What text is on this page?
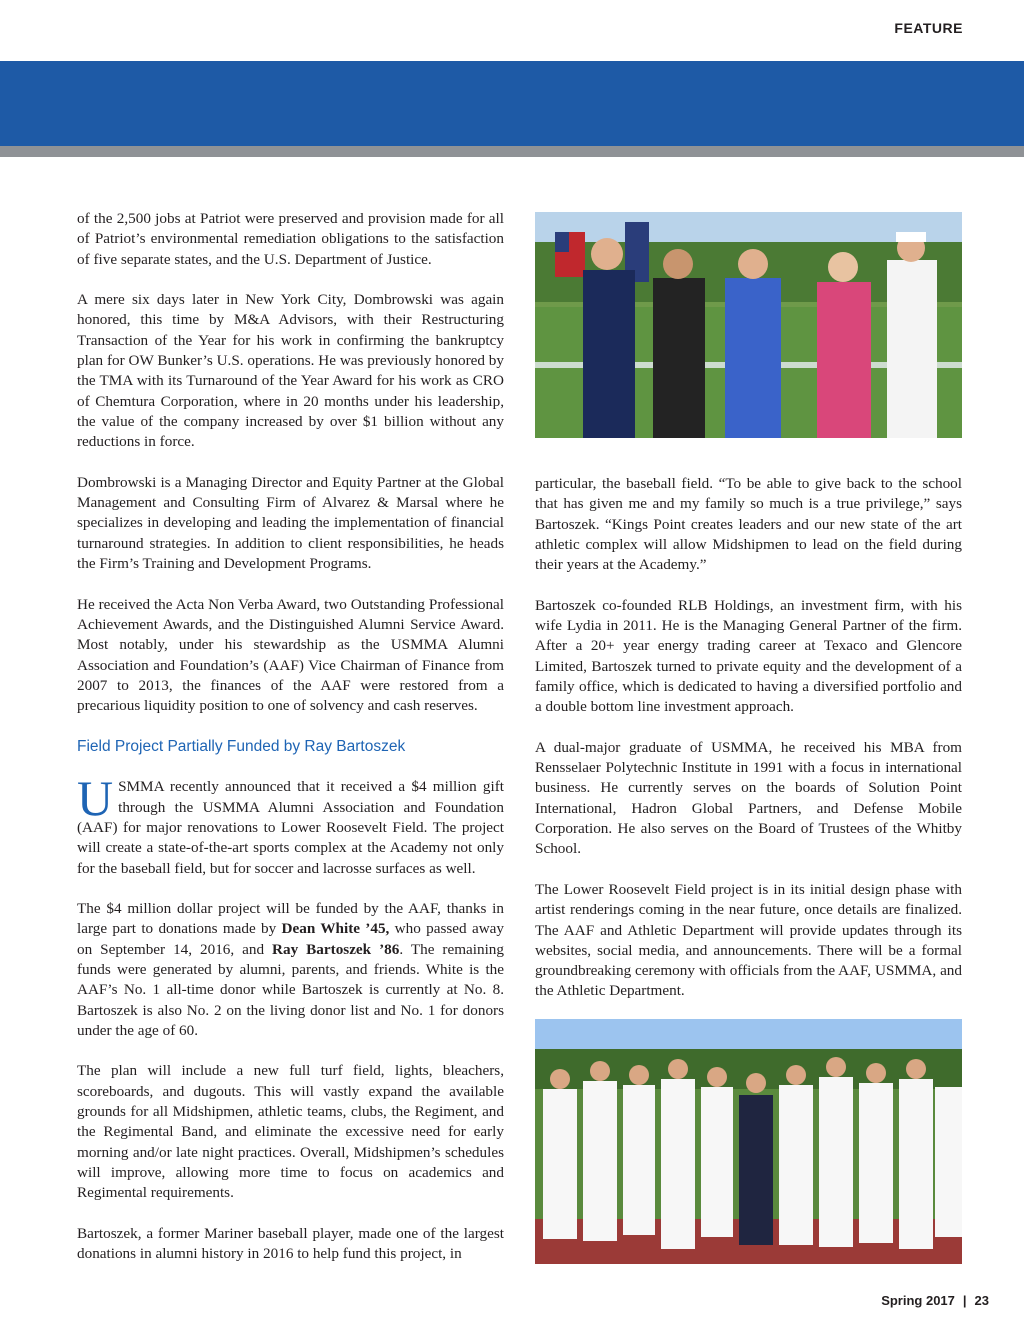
FEATURE

of the 2,500 jobs at Patriot were preserved and provision made for all of Patriot’s environmental remediation obligations to the satisfaction of five separate states, and the U.S. Department of Justice.

A mere six days later in New York City, Dombrowski was again honored, this time by M&A Advisors, with their Restructuring Transaction of the Year for his work in confirming the bankruptcy plan for OW Bunker’s U.S. operations. He was previously honored by the TMA with its Turnaround of the Year Award for his work as CRO of Chemtura Corporation, where in 20 months under his leadership, the value of the company increased by over $1 billion without any reductions in force.

Dombrowski is a Managing Director and Equity Partner at the Global Management and Consulting Firm of Alvarez & Marsal where he specializes in developing and leading the implementation of financial turnaround strategies. In addition to client responsibilities, he heads the Firm’s Training and Development Programs.

He received the Acta Non Verba Award, two Outstanding Professional Achievement Awards, and the Distinguished Alumni Service Award. Most notably, under his stewardship as the USMMA Alumni Association and Foundation’s (AAF) Vice Chairman of Finance from 2007 to 2013, the finances of the AAF were restored from a precarious liquidity position to one of solvency and cash reserves.

Field Project Partially Funded by Ray Bartoszek

USMMA recently announced that it received a $4 million gift through the USMMA Alumni Association and Foundation (AAF) for major renovations to Lower Roosevelt Field. The project will create a state-of-the-art sports complex at the Academy not only for the baseball field, but for soccer and lacrosse surfaces as well.

The $4 million dollar project will be funded by the AAF, thanks in large part to donations made by Dean White ’45, who passed away on September 14, 2016, and Ray Bartoszek ’86. The remaining funds were generated by alumni, parents, and friends. White is the AAF’s No. 1 all-time donor while Bartoszek is currently at No. 8. Bartoszek is also No. 2 on the living donor list and No. 1 for donors under the age of 60.

The plan will include a new full turf field, lights, bleachers, scoreboards, and dugouts. This will vastly expand the available grounds for all Midshipmen, athletic teams, clubs, the Regiment, and the Regimental Band, and eliminate the excessive need for early morning and/or late night practices. Overall, Midshipmen’s schedules will improve, allowing more time to focus on academics and Regimental requirements.

Bartoszek, a former Mariner baseball player, made one of the largest donations in alumni history in 2016 to help fund this project, in

particular, the baseball field. “To be able to give back to the school that has given me and my family so much is a true privilege,” says Bartoszek. “Kings Point creates leaders and our new state of the art athletic complex will allow Midshipmen to lead on the field during their years at the Academy.”

Bartoszek co-founded RLB Holdings, an investment firm, with his wife Lydia in 2011. He is the Managing General Partner of the firm. After a 20+ year energy trading career at Texaco and Glencore Limited, Bartoszek turned to private equity and the development of a family office, which is dedicated to having a diversified portfolio and a double bottom line investment approach.

A dual-major graduate of USMMA, he received his MBA from Rensselaer Polytechnic Institute in 1991 with a focus in international business. He currently serves on the boards of Solution Point International, Hadron Global Partners, and Defense Mobile Corporation. He also serves on the Board of Trustees of the Whitby School.

The Lower Roosevelt Field project is in its initial design phase with artist renderings coming in the near future, once details are finalized. The AAF and Athletic Department will provide updates through its websites, social media, and announcements. There will be a formal groundbreaking ceremony with officials from the AAF, USMMA, and the Athletic Department.

Spring 2017 | 23
